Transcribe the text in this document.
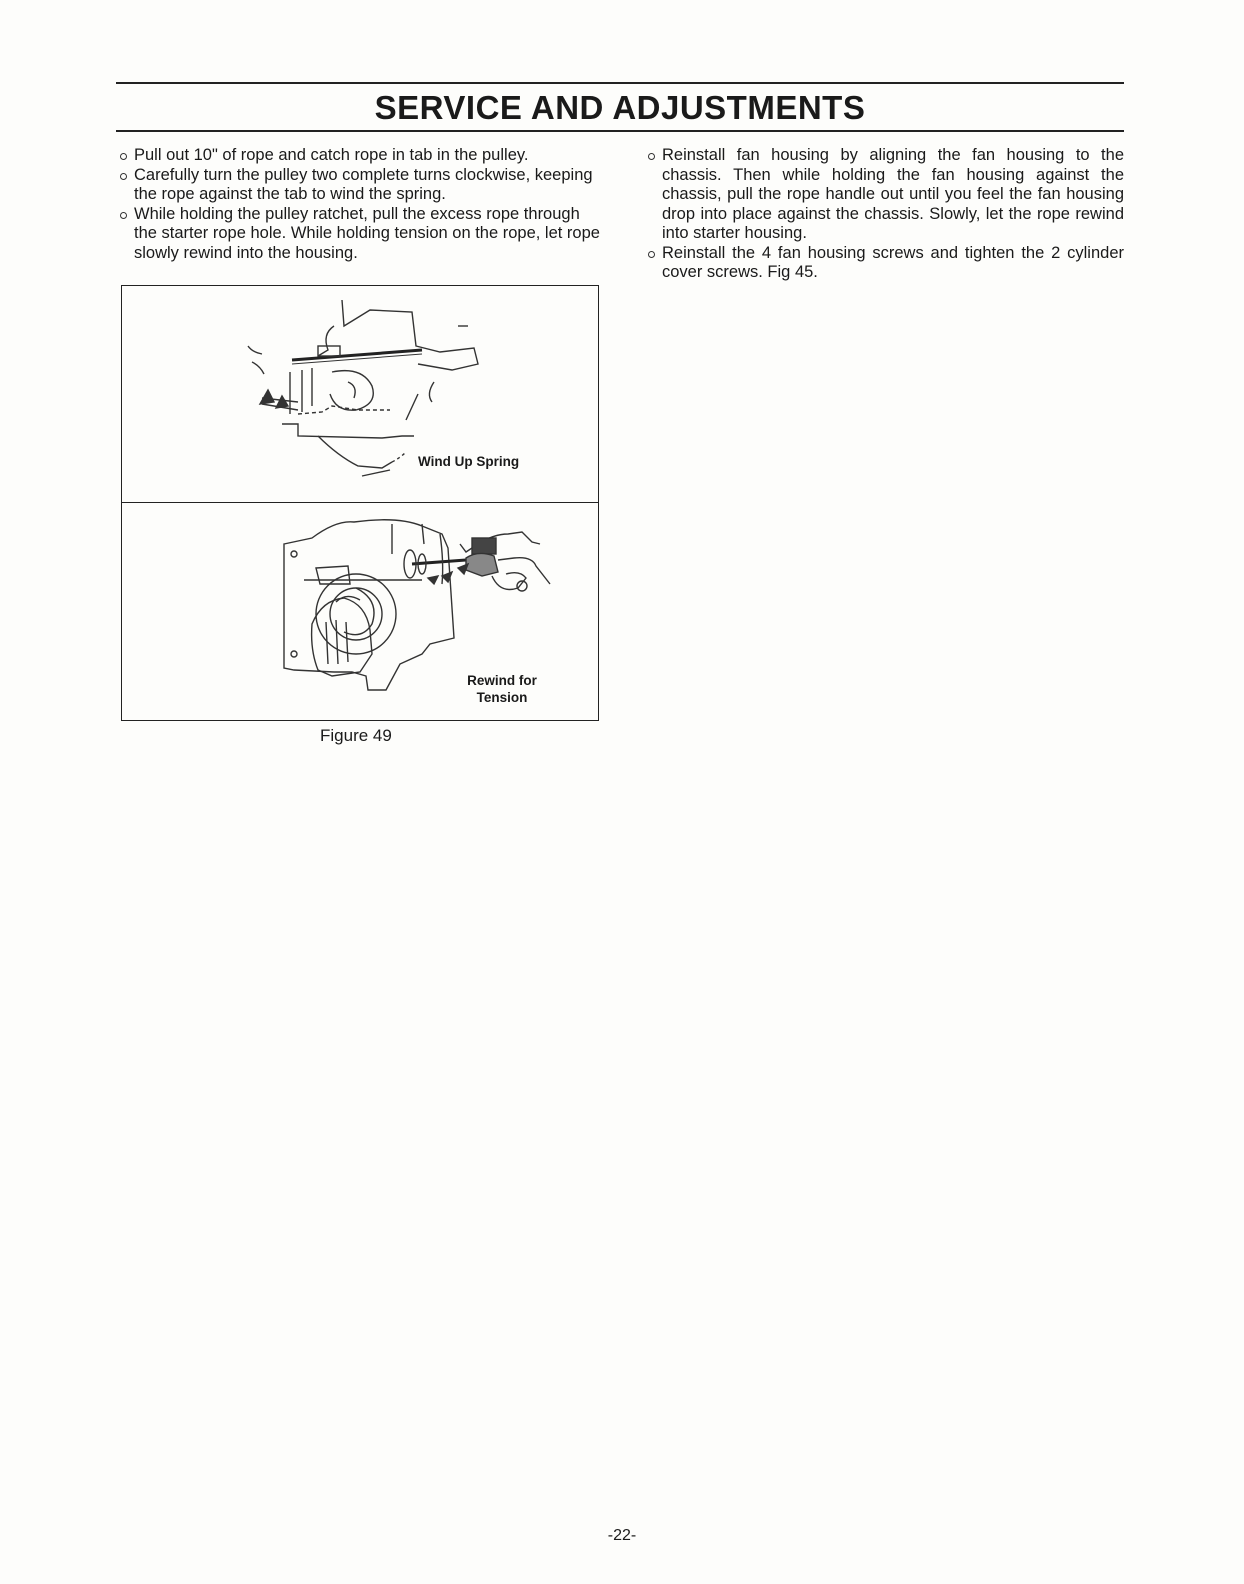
SERVICE AND ADJUSTMENTS
Pull out 10" of rope and catch rope in tab in the pulley.
Carefully turn the pulley two complete turns clockwise, keeping the rope against the tab to wind the spring.
While holding the pulley ratchet, pull the excess rope through the starter rope hole. While holding tension on the rope, let rope slowly rewind into the housing.
Reinstall fan housing by aligning the fan housing to the chassis. Then while holding the fan housing against the chassis, pull the rope handle out until you feel the fan housing drop into place against the chassis. Slowly, let the rope rewind into starter housing.
Reinstall the 4 fan housing screws and tighten the 2 cylinder cover screws. Fig 45.
Wind Up Spring
Rewind for
Tension
Figure 49
-22-
